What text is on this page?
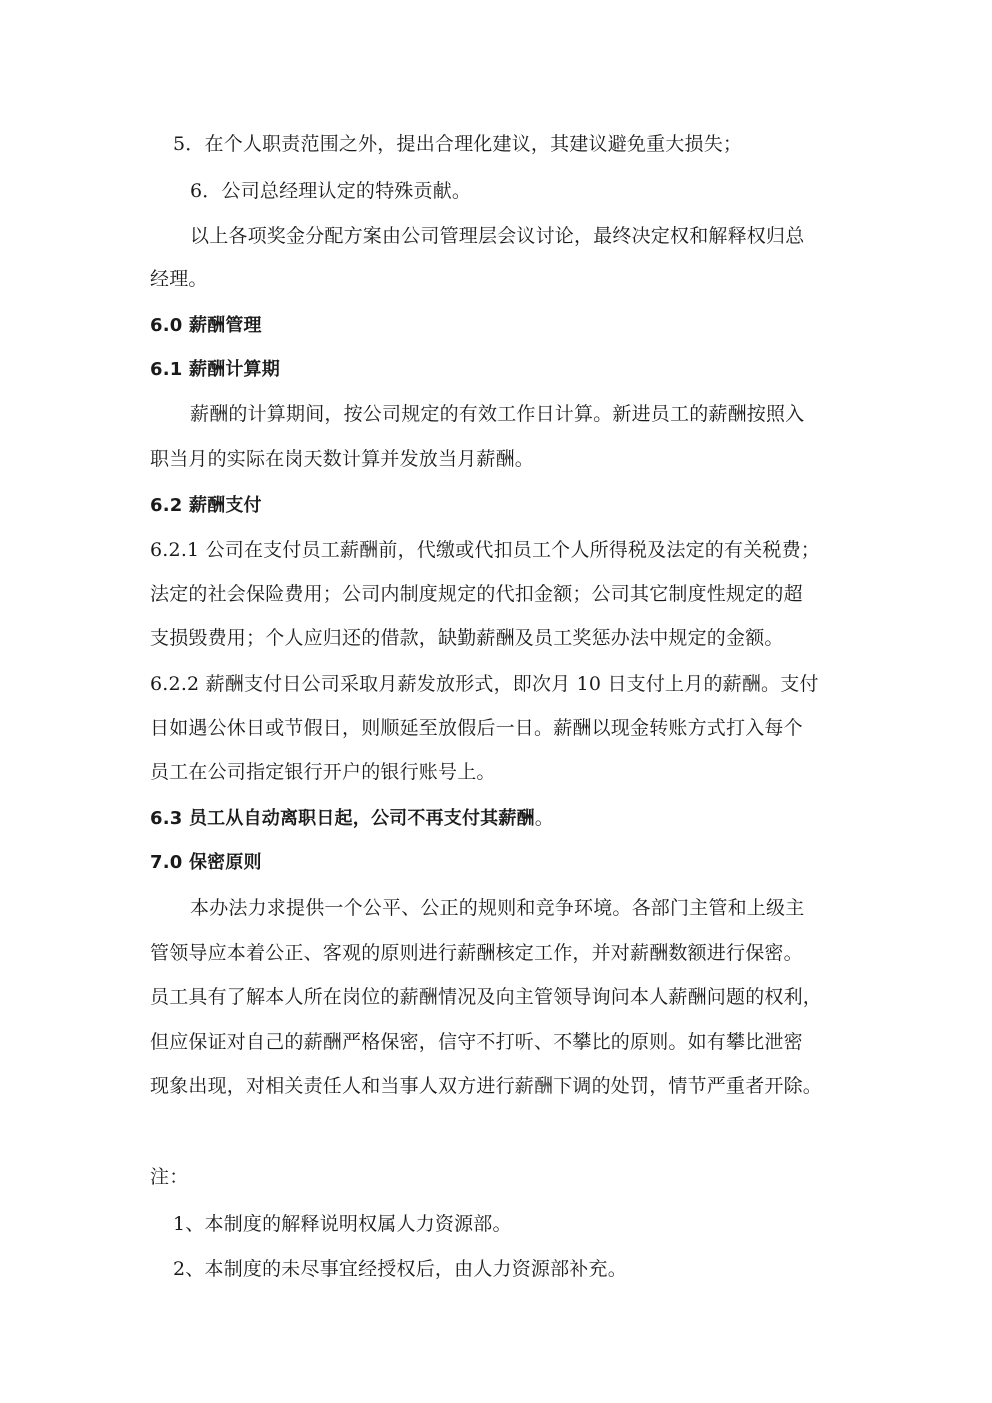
5．在个人职责范围之外，提出合理化建议，其建议避免重大损失；
6．公司总经理认定的特殊贡献。
以上各项奖金分配方案由公司管理层会议讨论，最终决定权和解释权归总
经理。
6.0 薪酬管理
6.1 薪酬计算期
薪酬的计算期间，按公司规定的有效工作日计算。新进员工的薪酬按照入
职当月的实际在岗天数计算并发放当月薪酬。
6.2 薪酬支付
6.2.1 公司在支付员工薪酬前，代缴或代扣员工个人所得税及法定的有关税费；
法定的社会保险费用；公司内制度规定的代扣金额；公司其它制度性规定的超
支损毁费用；个人应归还的借款，缺勤薪酬及员工奖惩办法中规定的金额。
6.2.2 薪酬支付日公司采取月薪发放形式，即次月 10 日支付上月的薪酬。支付
日如遇公休日或节假日，则顺延至放假后一日。薪酬以现金转账方式打入每个
员工在公司指定银行开户的银行账号上。
6.3 员工从自动离职日起，公司不再支付其薪酬。
7.0 保密原则
本办法力求提供一个公平、公正的规则和竞争环境。各部门主管和上级主
管领导应本着公正、客观的原则进行薪酬核定工作，并对薪酬数额进行保密。
员工具有了解本人所在岗位的薪酬情况及向主管领导询问本人薪酬问题的权利，
但应保证对自己的薪酬严格保密，信守不打听、不攀比的原则。如有攀比泄密
现象出现，对相关责任人和当事人双方进行薪酬下调的处罚，情节严重者开除。
注：
1、本制度的解释说明权属人力资源部。
2、本制度的未尽事宜经授权后，由人力资源部补充。
